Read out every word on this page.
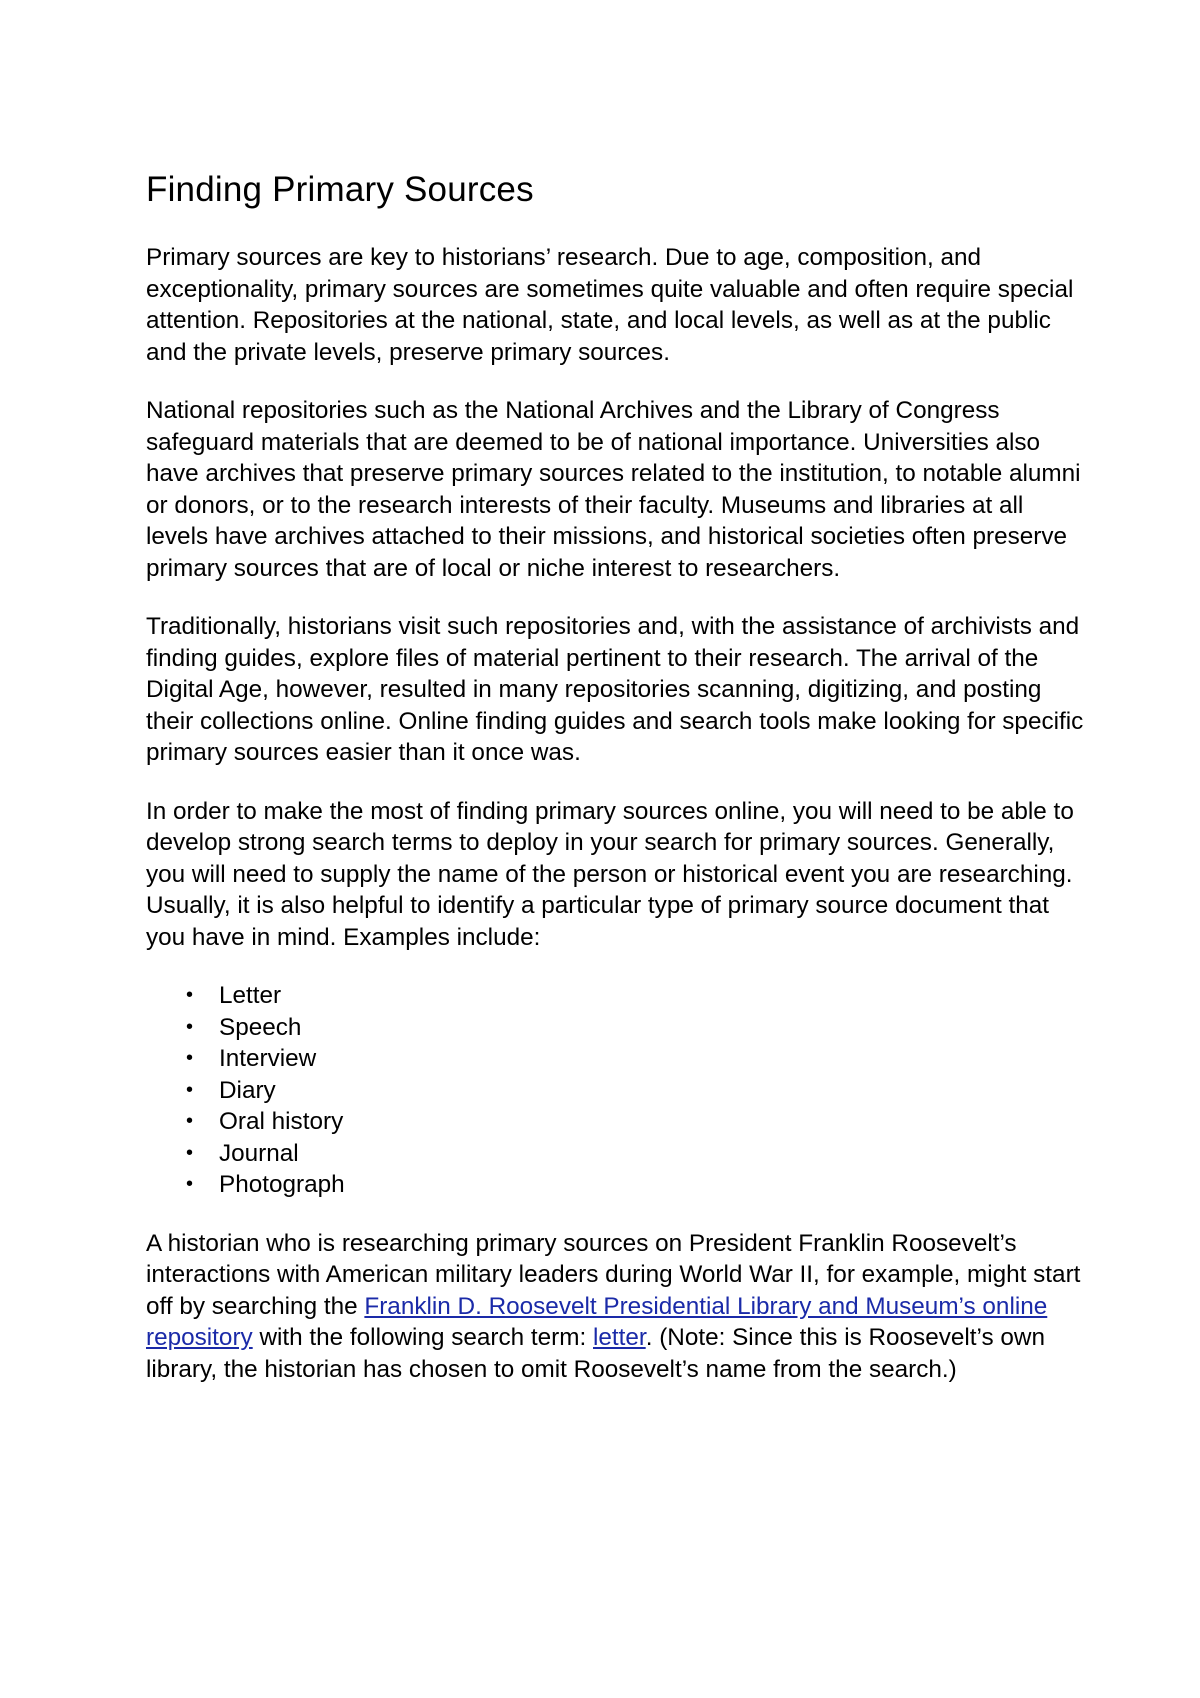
Finding Primary Sources

Primary sources are key to historians’ research. Due to age, composition, and exceptionality, primary sources are sometimes quite valuable and often require special attention. Repositories at the national, state, and local levels, as well as at the public and the private levels, preserve primary sources.

National repositories such as the National Archives and the Library of Congress safeguard materials that are deemed to be of national importance. Universities also have archives that preserve primary sources related to the institution, to notable alumni or donors, or to the research interests of their faculty. Museums and libraries at all levels have archives attached to their missions, and historical societies often preserve primary sources that are of local or niche interest to researchers.

Traditionally, historians visit such repositories and, with the assistance of archivists and finding guides, explore files of material pertinent to their research. The arrival of the Digital Age, however, resulted in many repositories scanning, digitizing, and posting their collections online. Online finding guides and search tools make looking for specific primary sources easier than it once was.

In order to make the most of finding primary sources online, you will need to be able to develop strong search terms to deploy in your search for primary sources. Generally, you will need to supply the name of the person or historical event you are researching. Usually, it is also helpful to identify a particular type of primary source document that you have in mind. Examples include:

• Letter
• Speech
• Interview
• Diary
• Oral history
• Journal
• Photograph

A historian who is researching primary sources on President Franklin Roosevelt’s interactions with American military leaders during World War II, for example, might start off by searching the Franklin D. Roosevelt Presidential Library and Museum’s online repository with the following search term: letter. (Note: Since this is Roosevelt’s own library, the historian has chosen to omit Roosevelt’s name from the search.)
